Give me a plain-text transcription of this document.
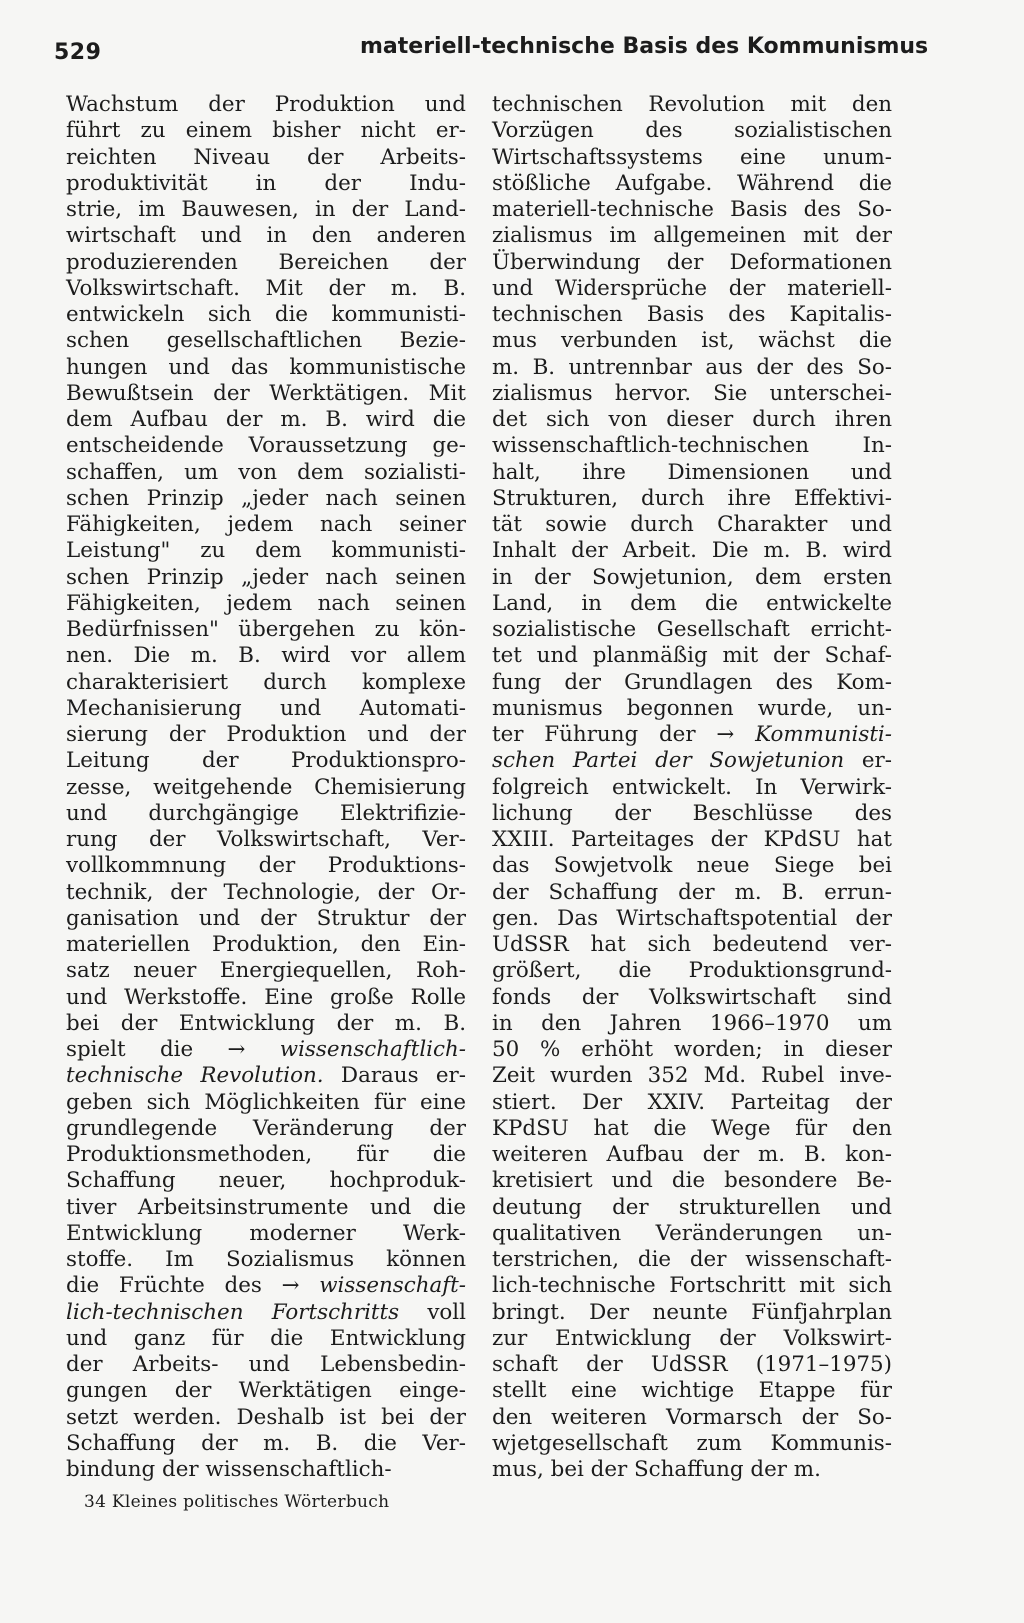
529	materiell-technische Basis des Kommunismus
Wachstum der Produktion und
führt zu einem bisher nicht er-
reichten Niveau der Arbeits-
produktivität in der Indu-
strie, im Bauwesen, in der Land-
wirtschaft und in den anderen
produzierenden Bereichen der
Volkswirtschaft. Mit der m. B.
entwickeln sich die kommunisti-
schen gesellschaftlichen Bezie-
hungen und das kommunistische
Bewußtsein der Werktätigen. Mit
dem Aufbau der m. B. wird die
entscheidende Voraussetzung ge-
schaffen, um von dem sozialisti-
schen Prinzip „jeder nach seinen
Fähigkeiten, jedem nach seiner
Leistung" zu dem kommunisti-
schen Prinzip „jeder nach seinen
Fähigkeiten, jedem nach seinen
Bedürfnissen" übergehen zu kön-
nen. Die m. B. wird vor allem
charakterisiert durch komplexe
Mechanisierung und Automati-
sierung der Produktion und der
Leitung der Produktionspro-
zesse, weitgehende Chemisierung
und durchgängige Elektrifizie-
rung der Volkswirtschaft, Ver-
vollkommnung der Produktions-
technik, der Technologie, der Or-
ganisation und der Struktur der
materiellen Produktion, den Ein-
satz neuer Energiequellen, Roh-
und Werkstoffe. Eine große Rolle
bei der Entwicklung der m. B.
spielt die → wissenschaftlich-
technische Revolution. Daraus er-
geben sich Möglichkeiten für eine
grundlegende Veränderung der
Produktionsmethoden, für die
Schaffung neuer, hochproduk-
tiver Arbeitsinstrumente und die
Entwicklung moderner Werk-
stoffe. Im Sozialismus können
die Früchte des → wissenschaft-
lich-technischen Fortschritts voll
und ganz für die Entwicklung
der Arbeits- und Lebensbedin-
gungen der Werktätigen einge-
setzt werden. Deshalb ist bei der
Schaffung der m. B. die Ver-
bindung der wissenschaftlich-
technischen Revolution mit den
Vorzügen des sozialistischen
Wirtschaftssystems eine unum-
stößliche Aufgabe. Während die
materiell-technische Basis des So-
zialismus im allgemeinen mit der
Überwindung der Deformationen
und Widersprüche der materiell-
technischen Basis des Kapitalis-
mus verbunden ist, wächst die
m. B. untrennbar aus der des So-
zialismus hervor. Sie unterschei-
det sich von dieser durch ihren
wissenschaftlich-technischen In-
halt, ihre Dimensionen und
Strukturen, durch ihre Effektivi-
tät sowie durch Charakter und
Inhalt der Arbeit. Die m. B. wird
in der Sowjetunion, dem ersten
Land, in dem die entwickelte
sozialistische Gesellschaft erricht-
tet und planmäßig mit der Schaf-
fung der Grundlagen des Kom-
munismus begonnen wurde, un-
ter Führung der → Kommunisti-
schen Partei der Sowjetunion er-
folgreich entwickelt. In Verwirk-
lichung der Beschlüsse des
XXIII. Parteitages der KPdSU hat
das Sowjetvolk neue Siege bei
der Schaffung der m. B. errun-
gen. Das Wirtschaftspotential der
UdSSR hat sich bedeutend ver-
größert, die Produktionsgrund-
fonds der Volkswirtschaft sind
in den Jahren 1966–1970 um
50 % erhöht worden; in dieser
Zeit wurden 352 Md. Rubel inve-
stiert. Der XXIV. Parteitag der
KPdSU hat die Wege für den
weiteren Aufbau der m. B. kon-
kretisiert und die besondere Be-
deutung der strukturellen und
qualitativen Veränderungen un-
terstrichen, die der wissenschaft-
lich-technische Fortschritt mit sich
bringt. Der neunte Fünfjahrplan
zur Entwicklung der Volkswirt-
schaft der UdSSR (1971–1975)
stellt eine wichtige Etappe für
den weiteren Vormarsch der So-
wjetgesellschaft zum Kommunis-
mus, bei der Schaffung der m.
34 Kleines politisches Wörterbuch
